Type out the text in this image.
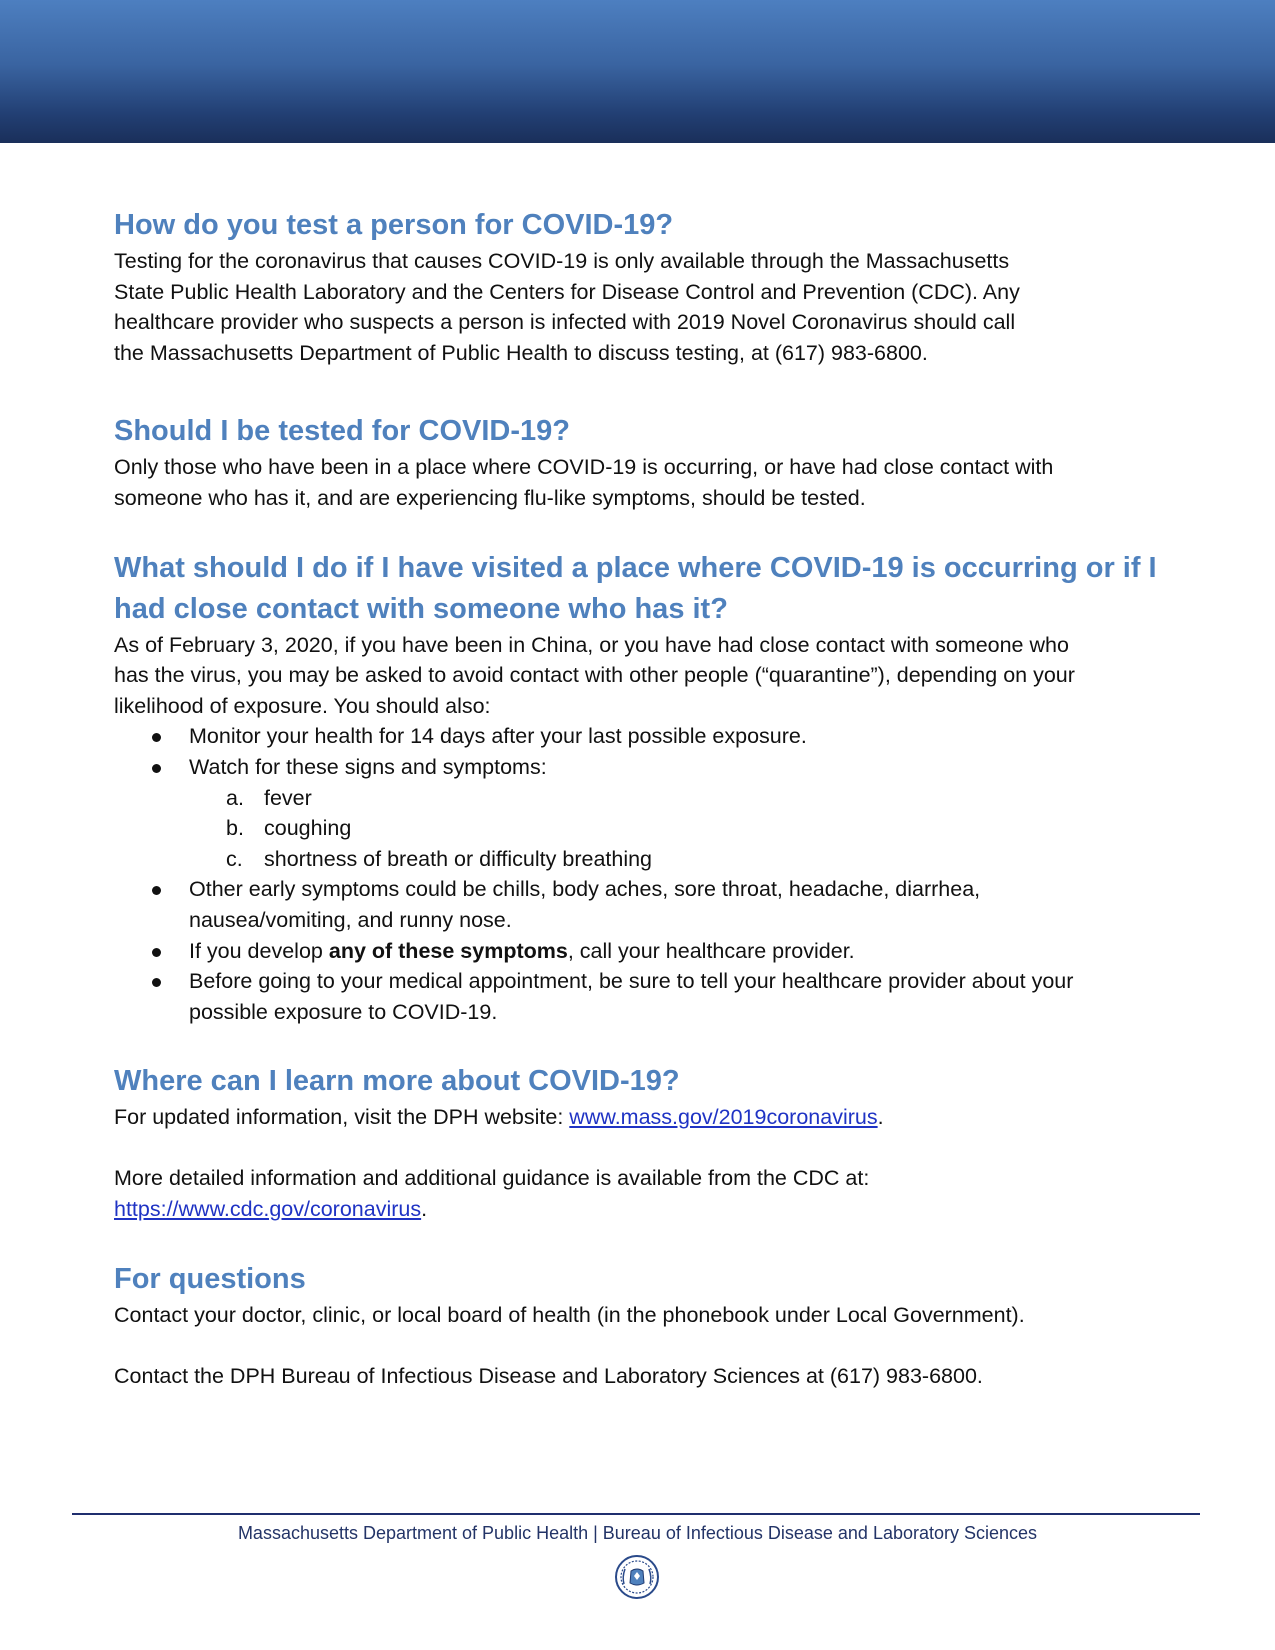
How do you test a person for COVID-19?

Testing for the coronavirus that causes COVID-19 is only available through the Massachusetts
State Public Health Laboratory and the Centers for Disease Control and Prevention (CDC). Any
healthcare provider who suspects a person is infected with 2019 Novel Coronavirus should call
the Massachusetts Department of Public Health to discuss testing, at (617) 983-6800.

Should I be tested for COVID-19?

Only those who have been in a place where COVID-19 is occurring, or have had close contact with
someone who has it, and are experiencing flu-like symptoms, should be tested.

What should I do if I have visited a place where COVID-19 is occurring or if I
had close contact with someone who has it?

As of February 3, 2020, if you have been in China, or you have had close contact with someone who
has the virus, you may be asked to avoid contact with other people (“quarantine”), depending on your
likelihood of exposure. You should also:

Monitor your health for 14 days after your last possible exposure.
Watch for these signs and symptoms:
a. fever
b. coughing
c. shortness of breath or difficulty breathing
Other early symptoms could be chills, body aches, sore throat, headache, diarrhea,
nausea/vomiting, and runny nose.
If you develop any of these symptoms, call your healthcare provider.
Before going to your medical appointment, be sure to tell your healthcare provider about your
possible exposure to COVID-19.
Where can I learn more about COVID-19?

For updated information, visit the DPH website: www.mass.gov/2019coronavirus.

More detailed information and additional guidance is available from the CDC at:
https://www.cdc.gov/coronavirus.

For questions

Contact your doctor, clinic, or local board of health (in the phonebook under Local Government).

Contact the DPH Bureau of Infectious Disease and Laboratory Sciences at (617) 983-6800.

Massachusetts Department of Public Health | Bureau of Infectious Disease and Laboratory Sciences
